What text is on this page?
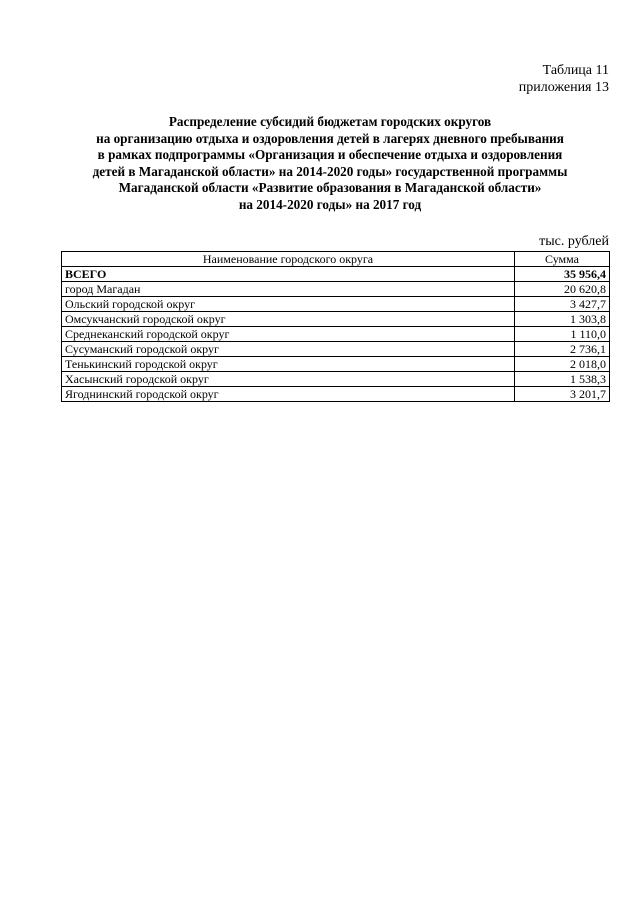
Таблица 11
приложения 13
Распределение субсидий бюджетам городских округов
на организацию отдыха и оздоровления детей в лагерях дневного пребывания
в рамках подпрограммы «Организация и обеспечение отдыха и оздоровления
детей в Магаданской области» на 2014-2020 годы» государственной программы
Магаданской области «Развитие образования в Магаданской области»
на 2014-2020 годы» на 2017 год
тыс. рублей
Наименование городского округа	Сумма
ВСЕГО	35 956,4
город Магадан	20 620,8
Ольский городской округ	3 427,7
Омсукчанский городской округ	1 303,8
Среднеканский городской округ	1 110,0
Сусуманский городской округ	2 736,1
Тенькинский городской округ	2 018,0
Хасынский городской округ	1 538,3
Ягоднинский городской округ	3 201,7
